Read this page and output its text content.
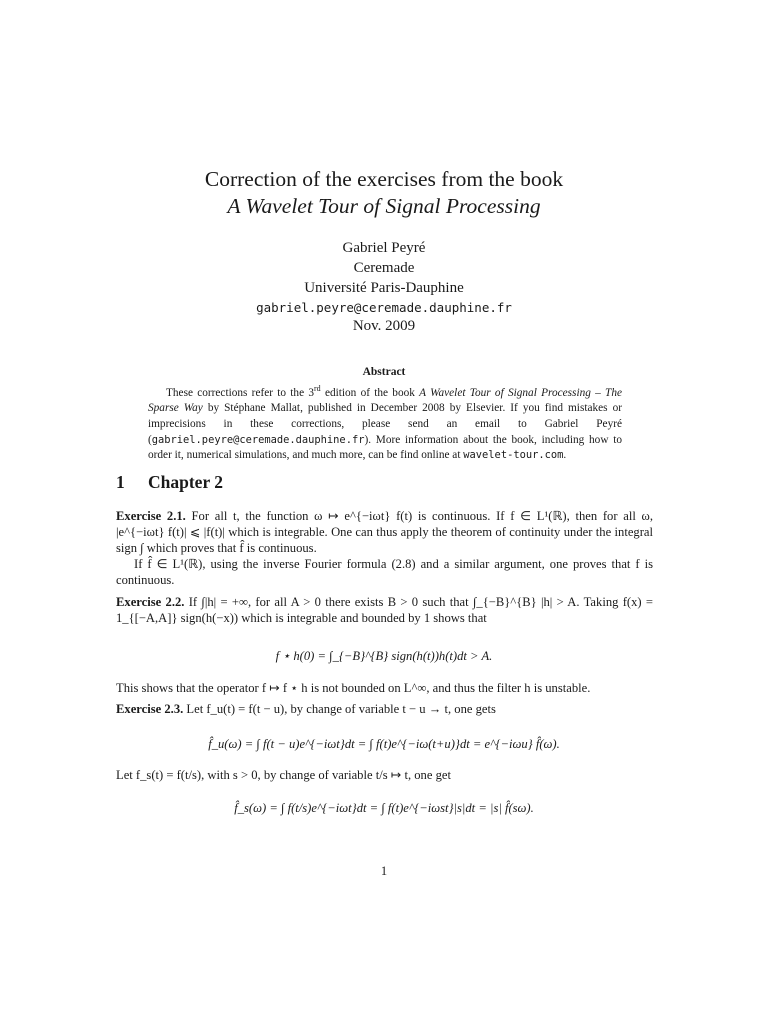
Correction of the exercises from the book
A Wavelet Tour of Signal Processing
Gabriel Peyré
Ceremade
Université Paris-Dauphine
gabriel.peyre@ceremade.dauphine.fr
Nov. 2009
Abstract
These corrections refer to the 3rd edition of the book A Wavelet Tour of Signal Processing – The Sparse Way by Stéphane Mallat, published in December 2008 by Elsevier. If you find mistakes or imprecisions in these corrections, please send an email to Gabriel Peyré (gabriel.peyre@ceremade.dauphine.fr). More information about the book, including how to order it, numerical simulations, and much more, can be find online at wavelet-tour.com.
1 Chapter 2
Exercise 2.1. For all t, the function ω ↦ e^{−iωt} f(t) is continuous. If f ∈ L¹(ℝ), then for all ω, |e^{−iωt} f(t)| ⩽ |f(t)| which is integrable. One can thus apply the theorem of continuity under the integral sign ∫ which proves that f̂ is continuous.
If f̂ ∈ L¹(ℝ), using the inverse Fourier formula (2.8) and a similar argument, one proves that f is continuous.
Exercise 2.2. If ∫|h| = +∞, for all A > 0 there exists B > 0 such that ∫_{−B}^{B} |h| > A. Taking f(x) = 1_{[−A,A]} sign(h(−x)) which is integrable and bounded by 1 shows that
f ⋆ h(0) = ∫_{−B}^{B} sign(h(t))h(t)dt > A.
This shows that the operator f ↦ f ⋆ h is not bounded on L^∞, and thus the filter h is unstable.
Exercise 2.3. Let f_u(t) = f(t − u), by change of variable t − u → t, one gets
f̂_u(ω) = ∫ f(t − u)e^{−iωt}dt = ∫ f(t)e^{−iω(t+u)}dt = e^{−iωu} f̂(ω).
Let f_s(t) = f(t/s), with s > 0, by change of variable t/s ↦ t, one get
f̂_s(ω) = ∫ f(t/s)e^{−iωt}dt = ∫ f(t)e^{−iωst}|s|dt = |s| f̂(sω).
1
